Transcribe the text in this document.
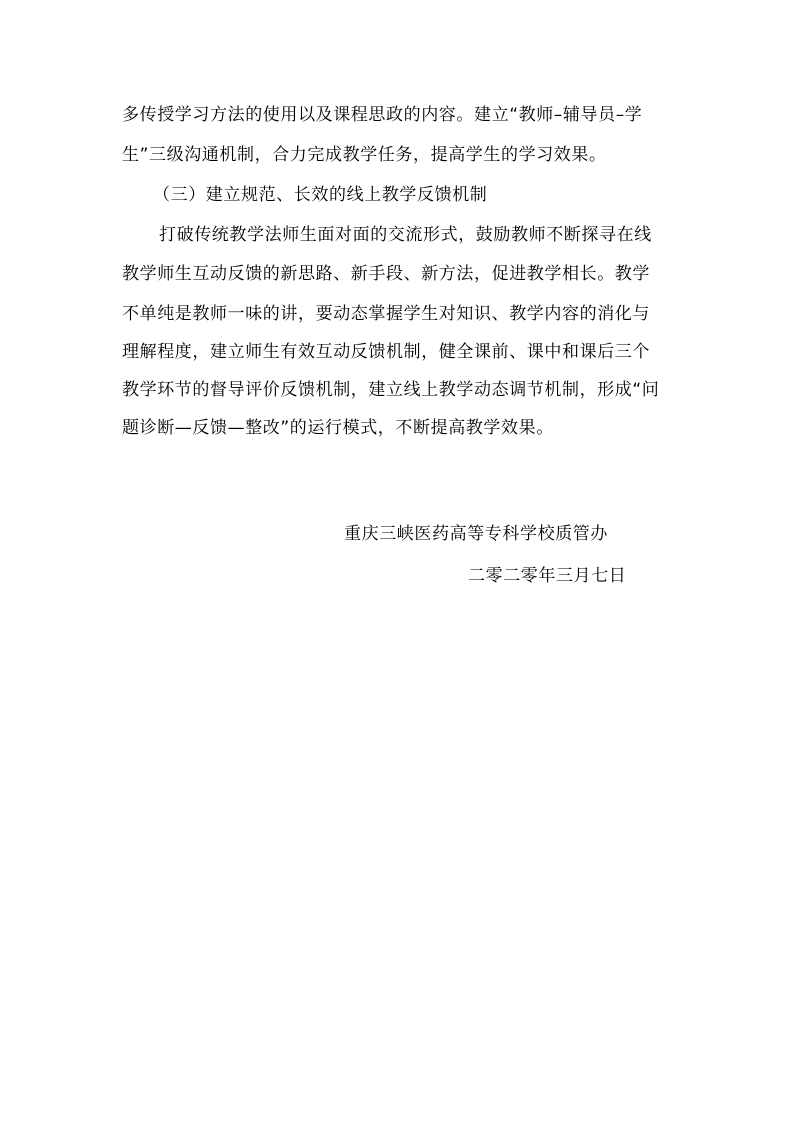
多传授学习方法的使用以及课程思政的内容。建立“教师–辅导员–学
生”三级沟通机制，合力完成教学任务，提高学生的学习效果。
（三）建立规范、长效的线上教学反馈机制
打破传统教学法师生面对面的交流形式，鼓励教师不断探寻在线
教学师生互动反馈的新思路、新手段、新方法，促进教学相长。教学
不单纯是教师一味的讲，要动态掌握学生对知识、教学内容的消化与
理解程度，建立师生有效互动反馈机制，健全课前、课中和课后三个
教学环节的督导评价反馈机制，建立线上教学动态调节机制，形成“问
题诊断—反馈—整改”的运行模式，不断提高教学效果。
重庆三峡医药高等专科学校质管办
二零二零年三月七日
